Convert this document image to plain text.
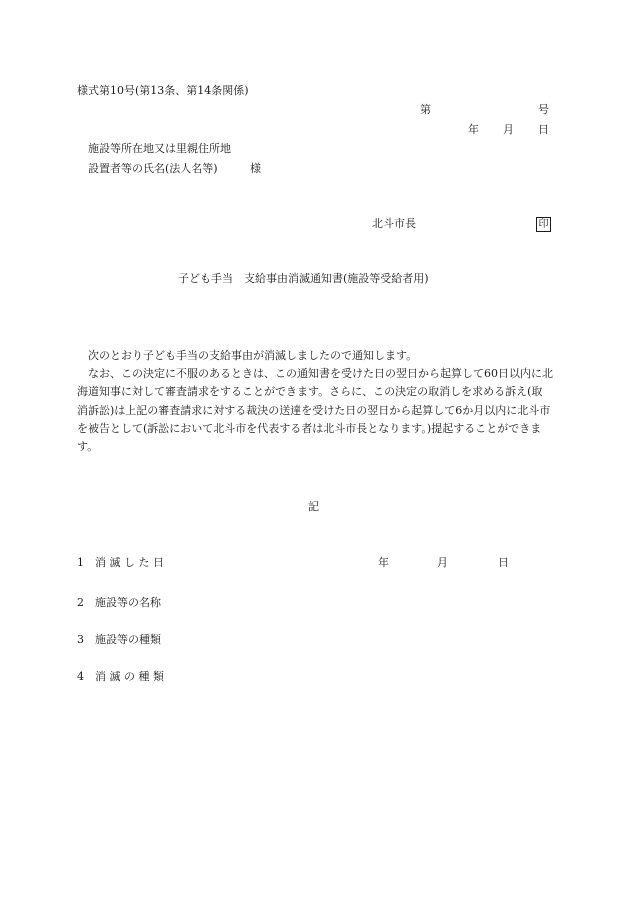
様式第10号(第13条、第14条関係)
第	号
年 月 日
施設等所在地又は里親住所地
設置者等の氏名(法人名等)	様
北斗市長	印
子ども手当　支給事由消滅通知書(施設等受給者用)

次のとおり子ども手当の支給事由が消滅しましたので通知します。

なお、この決定に不服のあるときは、この通知書を受けた日の翌日から起算して60日以内に北海道知事に対して審査請求をすることができます。さらに、この決定の取消しを求める訴え(取消訴訟)は上記の審査請求に対する裁決の送達を受けた日の翌日から起算して6か月以内に北斗市を被告として(訴訟において北斗市を代表する者は北斗市長となります。)提起することができます。

記
1 消 滅 し た 日	年	月	日
2 施設等の名称
3 施設等の種類
4 消 滅 の 種 類
